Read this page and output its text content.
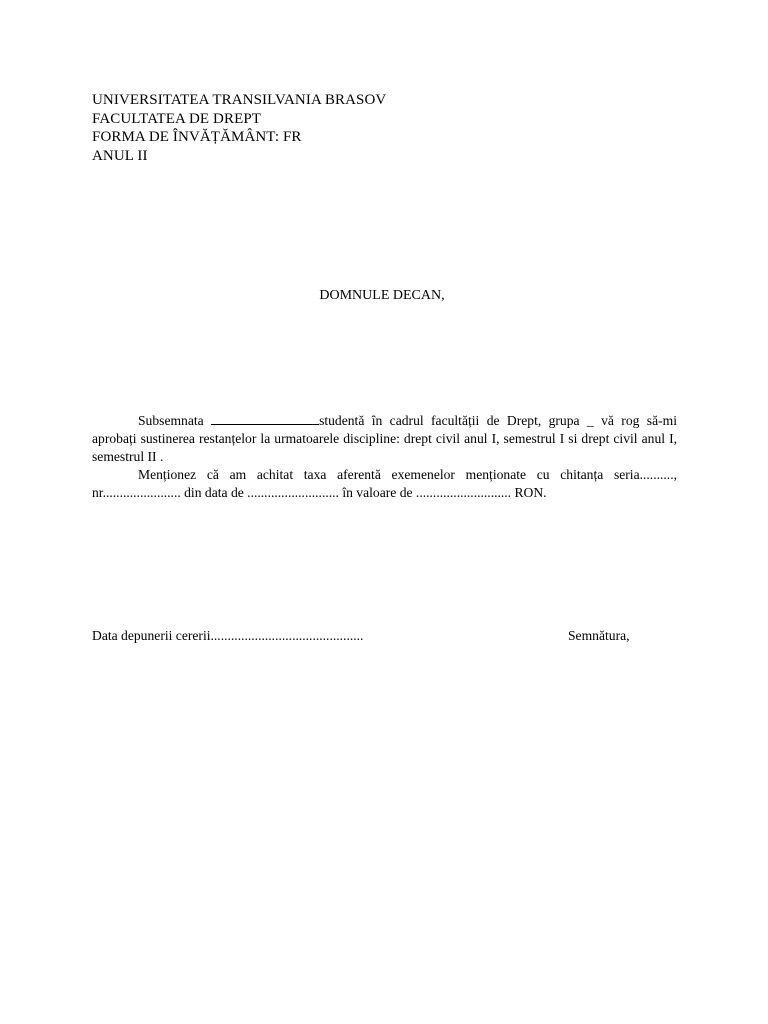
UNIVERSITATEA TRANSILVANIA BRASOV
FACULTATEA DE DREPT
FORMA DE ÎNVĂȚĂMÂNT: FR
ANUL II
DOMNULE DECAN,

Subsemnata	studentă în cadrul facultății de Drept, grupa _ vă rog să-mi aprobați sustinerea restanțelor la urmatoarele discipline: drept civil anul I, semestrul I si drept civil anul I, semestrul II .

Menționez că am achitat taxa aferentă exemenelor menționate cu chitanța seria.........., nr....................... din data de ........................... în valoare de ............................ RON.

Data depunerii cererii.............................................	Semnătura,
